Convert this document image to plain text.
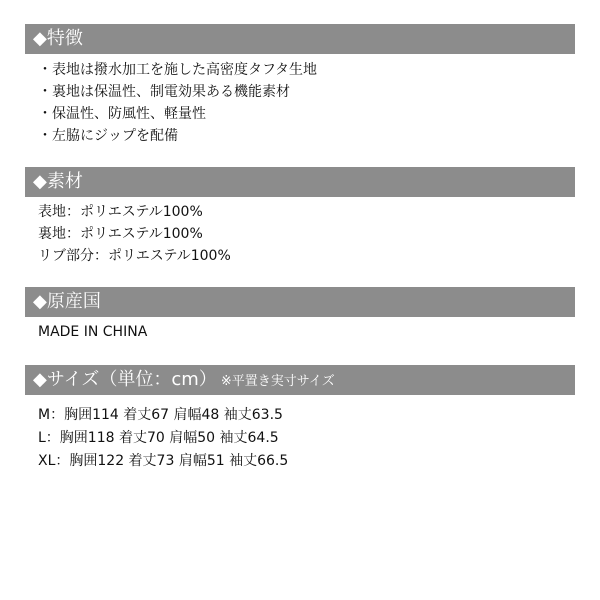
◆特徴
・表地は撥水加工を施した高密度タフタ生地
・裏地は保温性、制電効果ある機能素材
・保温性、防風性、軽量性
・左脇にジップを配備
◆素材
表地：ポリエステル100%
裏地：ポリエステル100%
リブ部分：ポリエステル100%
◆原産国
MADE IN CHINA
◆サイズ（単位：cm） ※平置き実寸サイズ
M：胸囲114 着丈67 肩幅48 袖丈63.5
L：胸囲118 着丈70 肩幅50 袖丈64.5
XL：胸囲122 着丈73 肩幅51 袖丈66.5
